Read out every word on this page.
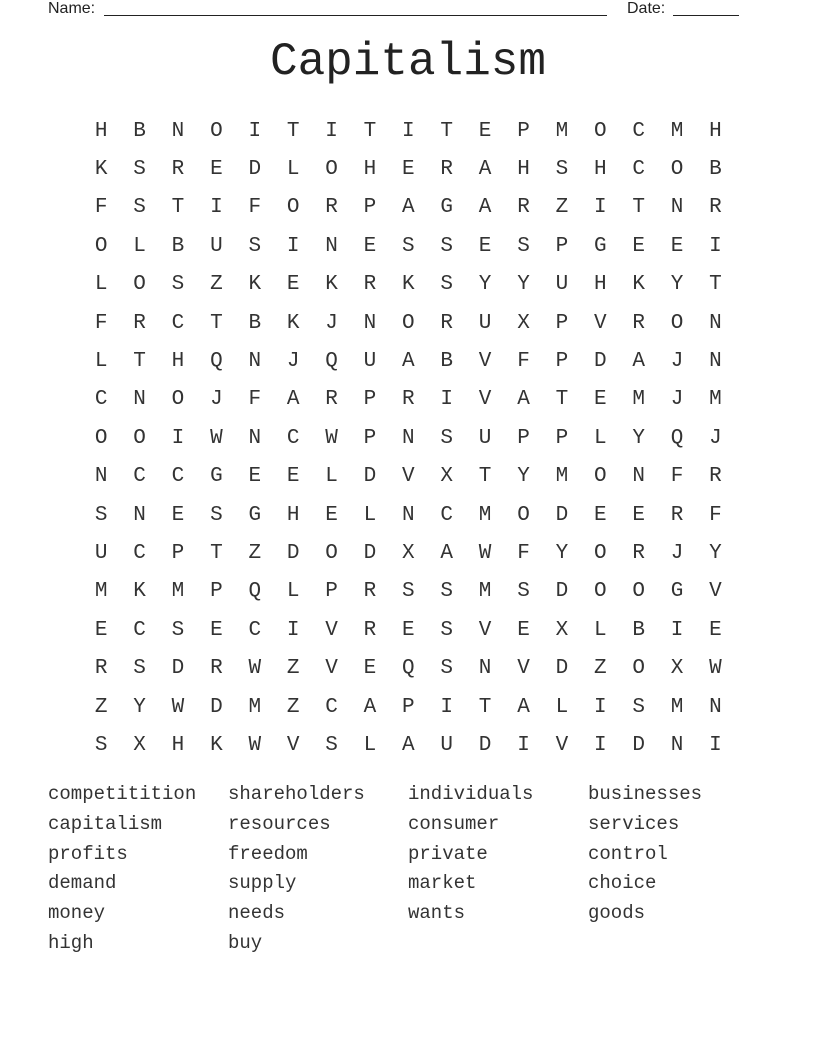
Name:	Date:
Capitalism
H	B	N	O	I	T	I	T	I	T	E	P	M	O	C	M	H
K	S	R	E	D	L	O	H	E	R	A	H	S	H	C	O	B
F	S	T	I	F	O	R	P	A	G	A	R	Z	I	T	N	R
O	L	B	U	S	I	N	E	S	S	E	S	P	G	E	E	I
L	O	S	Z	K	E	K	R	K	S	Y	Y	U	H	K	Y	T
F	R	C	T	B	K	J	N	O	R	U	X	P	V	R	O	N
L	T	H	Q	N	J	Q	U	A	B	V	F	P	D	A	J	N
C	N	O	J	F	A	R	P	R	I	V	A	T	E	M	J	M
O	O	I	W	N	C	W	P	N	S	U	P	P	L	Y	Q	J
N	C	C	G	E	E	L	D	V	X	T	Y	M	O	N	F	R
S	N	E	S	G	H	E	L	N	C	M	O	D	E	E	R	F
U	C	P	T	Z	D	O	D	X	A	W	F	Y	O	R	J	Y
M	K	M	P	Q	L	P	R	S	S	M	S	D	O	O	G	V
E	C	S	E	C	I	V	R	E	S	V	E	X	L	B	I	E
R	S	D	R	W	Z	V	E	Q	S	N	V	D	Z	O	X	W
Z	Y	W	D	M	Z	C	A	P	I	T	A	L	I	S	M	N
S	X	H	K	W	V	S	L	A	U	D	I	V	I	D	N	I
competitition	shareholders	individuals	businesses
capitalism	resources	consumer	services
profits	freedom	private	control
demand	supply	market	choice
money	needs	wants	goods
high	buy
